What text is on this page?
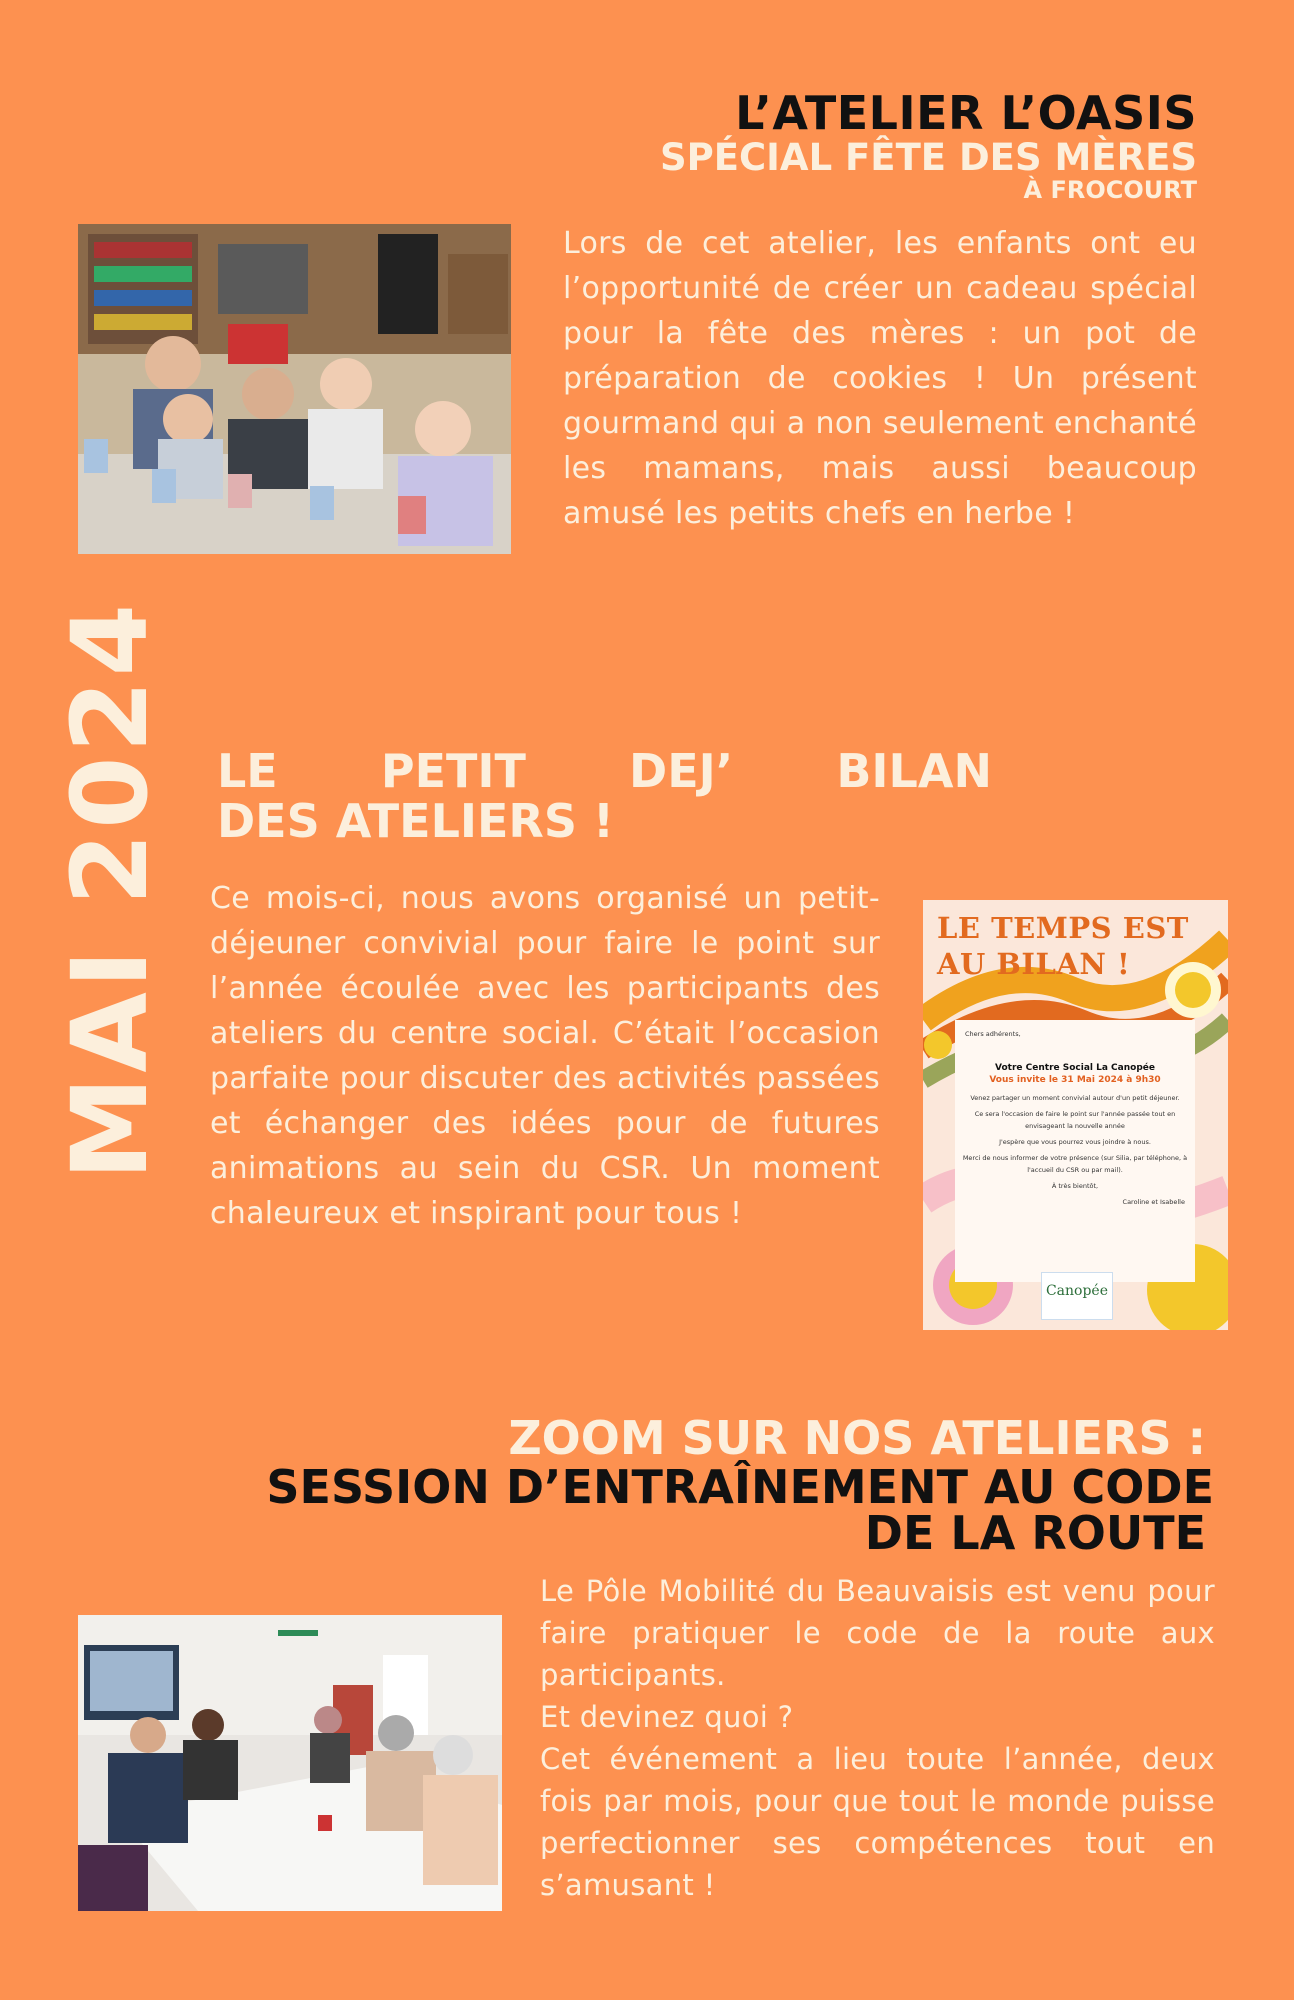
L’ATELIER L’OASIS
SPÉCIAL FÊTE DES MÈRES
À FROCOURT
Lors de cet atelier, les enfants ont eu l’opportunité de créer un cadeau spécial pour la fête des mères : un pot de préparation de cookies ! Un présent gourmand qui a non seulement enchanté les mamans, mais aussi beaucoup amusé les petits chefs en herbe !
MAI 2024 LE PETIT DEJ’ BILAN
DES ATELIERS !
Ce mois-ci, nous avons organisé un petit-déjeuner convivial pour faire le point sur l’année écoulée avec les participants des ateliers du centre social. C’était l’occasion parfaite pour discuter des activités passées et échanger des idées pour de futures animations au sein du CSR. Un moment chaleureux et inspirant pour tous !
LE TEMPS EST AU BILAN !
Chers adhérents,
Votre Centre Social La Canopée
Vous invite le 31 Mai 2024 à 9h30
Venez partager un moment convivial autour d'un petit déjeuner.
Ce sera l'occasion de faire le point sur l'année passée tout en envisageant la nouvelle année
J'espère que vous pourrez vous joindre à nous.
Merci de nous informer de votre présence (sur Silia, par téléphone, à l'accueil du CSR ou par mail).
À très bientôt,
Caroline et Isabelle
Canopée
ZOOM SUR NOS ATELIERS :
SESSION D’ENTRAÎNEMENT AU CODE
DE LA ROUTE
Le Pôle Mobilité du Beauvaisis est venu pour faire pratiquer le code de la route aux participants.
Et devinez quoi ?
Cet événement a lieu toute l’année, deux fois par mois, pour que tout le monde puisse perfectionner ses compétences tout en s’amusant !
